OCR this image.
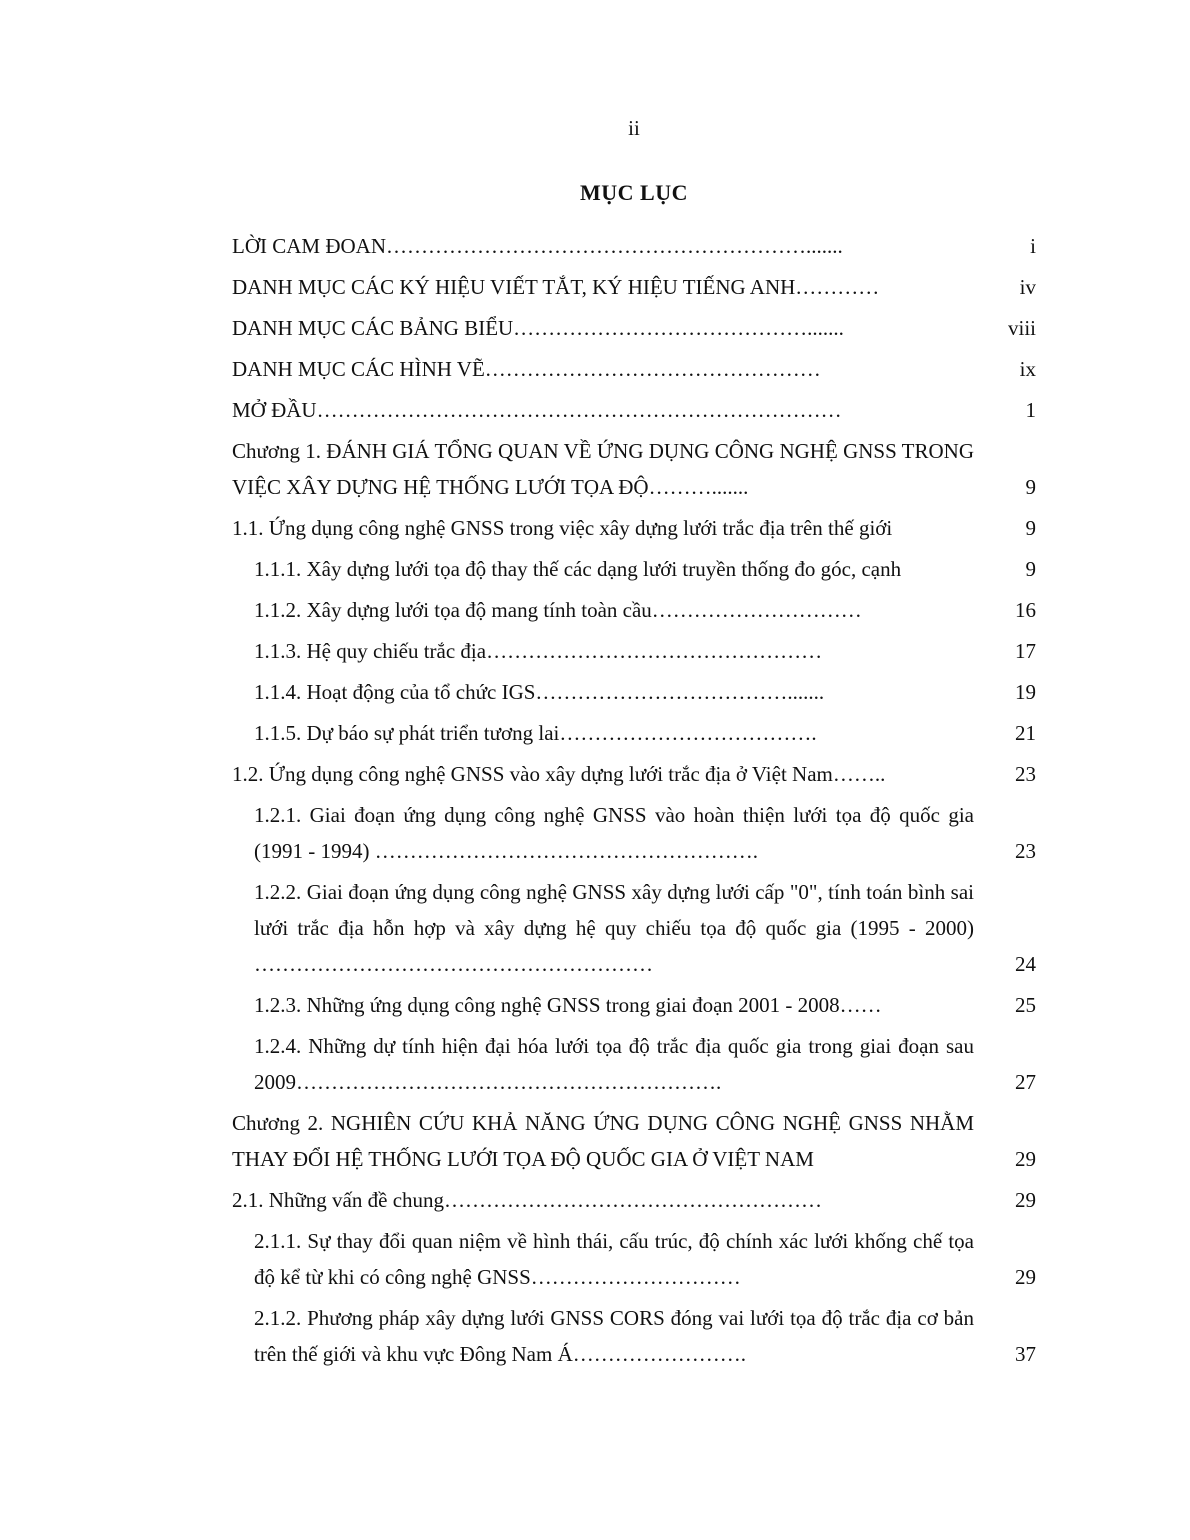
ii
MỤC LỤC
LỜI CAM ĐOAN…………………………………………………….......	i
DANH MỤC CÁC KÝ HIỆU VIẾT TẮT, KÝ HIỆU TIẾNG ANH…………	iv
DANH MỤC CÁC BẢNG BIỂU…………………………………….......	viii
DANH MỤC CÁC HÌNH VẼ…………………………………………	ix
MỞ ĐẦU…………………………………………………………………	1
Chương 1. ĐÁNH GIÁ TỔNG QUAN VỀ ỨNG DỤNG CÔNG NGHỆ GNSS TRONG VIỆC XÂY DỰNG HỆ THỐNG LƯỚI TỌA ĐỘ……….......	9
1.1. Ứng dụng công nghệ GNSS trong việc xây dựng lưới trắc địa trên thế giới	9
1.1.1. Xây dựng lưới tọa độ thay thế các dạng lưới truyền thống đo góc, cạnh	9
1.1.2. Xây dựng lưới tọa độ mang tính toàn cầu…………………………	16
1.1.3. Hệ quy chiếu trắc địa…………………………………………	17
1.1.4. Hoạt động của tổ chức IGS……………………………….......	19
1.1.5. Dự báo sự phát triển tương lai……………………………….	21
1.2. Ứng dụng công nghệ GNSS vào xây dựng lưới trắc địa ở Việt Nam……..	23
1.2.1. Giai đoạn ứng dụng công nghệ GNSS vào hoàn thiện lưới tọa độ quốc gia (1991 - 1994) ……………………………………………….	23
1.2.2. Giai đoạn ứng dụng công nghệ GNSS xây dựng lưới cấp "0", tính toán bình sai lưới trắc địa hỗn hợp và xây dựng hệ quy chiếu tọa độ quốc gia (1995 - 2000) …………………………………………………	24
1.2.3. Những ứng dụng công nghệ GNSS trong giai đoạn 2001 - 2008……	25
1.2.4. Những dự tính hiện đại hóa lưới tọa độ trắc địa quốc gia trong giai đoạn sau 2009…………………………………………………….	27
Chương 2. NGHIÊN CỨU KHẢ NĂNG ỨNG DỤNG CÔNG NGHỆ GNSS NHẰM THAY ĐỔI HỆ THỐNG LƯỚI TỌA ĐỘ QUỐC GIA Ở VIỆT NAM	29
2.1. Những vấn đề chung………………………………………………	29
2.1.1. Sự thay đổi quan niệm về hình thái, cấu trúc, độ chính xác lưới khống chế tọa độ kể từ khi có công nghệ GNSS…………………………	29
2.1.2. Phương pháp xây dựng lưới GNSS CORS đóng vai lưới tọa độ trắc địa cơ bản trên thế giới và khu vực Đông Nam Á…………………….	37
